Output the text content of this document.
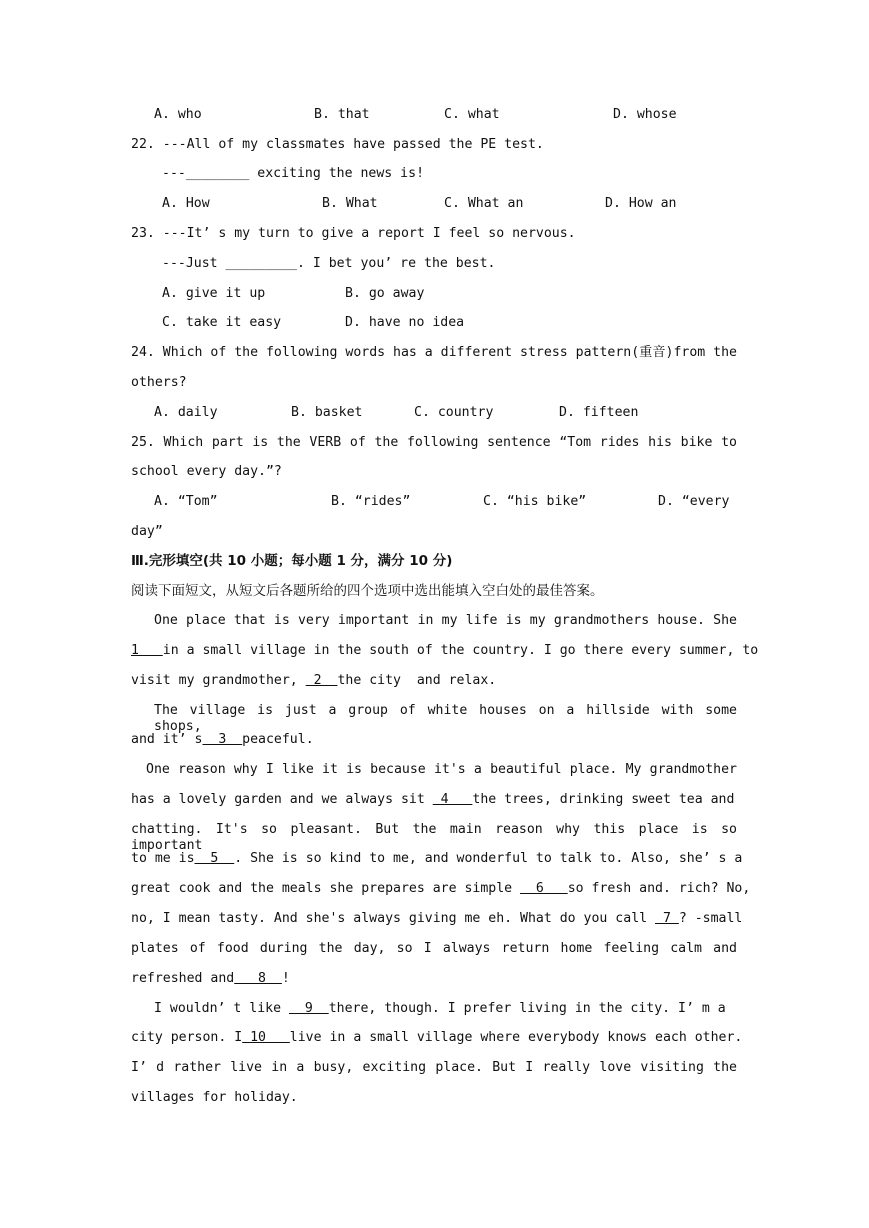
A. who	B. that	C. what	D. whose
22. ---All of my classmates have passed the PE test.
---________ exciting the news is!
A. How	B. What	C. What an	D. How an
23. ---It’ s my turn to give a report I feel so nervous.
---Just _________. I bet you’ re the best.
A. give it up	B. go away
C. take it easy	D. have no idea
24. Which of the following words has a different stress pattern(重音)from the
others?
A. daily	B. basket	C. country	D. fifteen
25. Which part is the VERB of the following sentence “Tom rides his bike to
school every day.”?
A. “Tom”	B. “rides”	C. “his bike”	D. “every
day”
Ⅲ.完形填空(共 10 小题；每小题 1 分，满分 10 分)
阅读下面短文，从短文后各题所给的四个选项中选出能填入空白处的最佳答案。
One place that is very important in my life is my grandmothers house. She
1   in a small village in the south of the country. I go there every summer, to
visit my grandmother,  2  the city  and relax.
The village is just a group of white houses on a hillside with some shops,
and it’ s  3  peaceful.
One reason why I like it is because it's a beautiful place. My grandmother
has a lovely garden and we always sit  4   the trees, drinking sweet tea and
chatting. It's so pleasant. But the main reason why this place is so important
to me is  5  . She is so kind to me, and wonderful to talk to. Also, she’ s a
great cook and the meals she prepares are simple   6   so fresh and. rich? No,
no, I mean tasty. And she's always giving me eh. What do you call  7 ? -small
plates of food during the day, so I always return home feeling calm and
refreshed and   8  !
I wouldn’ t like   9  there, though. I prefer living in the city. I’ m a
city person. I 10   live in a small village where everybody knows each other.
I’ d rather live in a busy, exciting place. But I really love visiting the
villages for holiday.
